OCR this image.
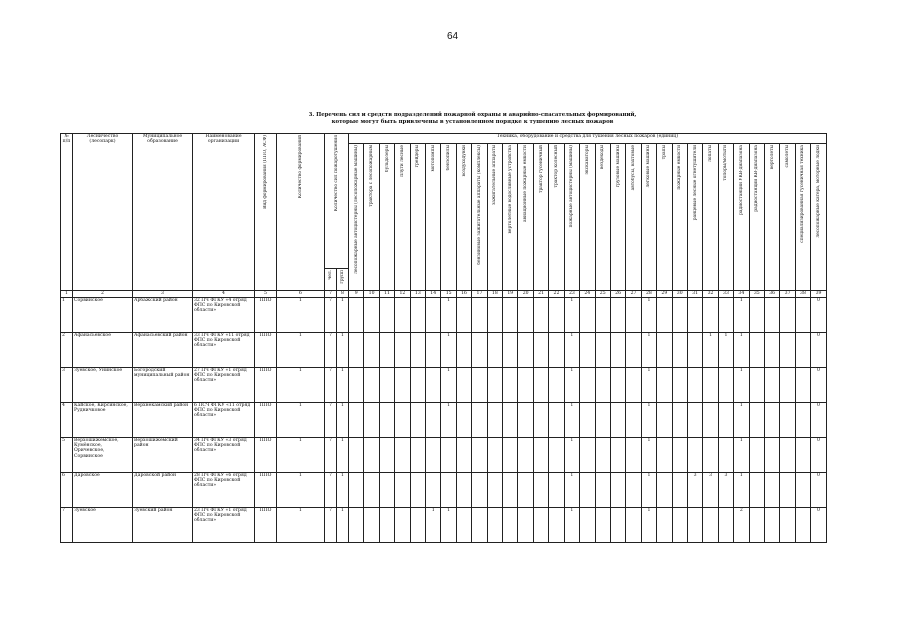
64
3. Перечень сил и средств подразделений пожарной охраны и аварийно-спасательных формирований,
которые могут быть привлечены в установленном порядке к тушению лесных пожаров
№ п/п	Лесничество (лесопарк)	Муниципальное образование	Наименование организации	Вид формирования (ППО, АСФ)	Количество формирований	Количество сил пожаротушения		Техника, оборудование и средства для тушения лесных пожаров (единиц)																														

								лесопожарные автоцистерны (лесопожарные машины)	трактора с лесопожарным	бульдозеры	плуги лесные	грейдеры	мотопомпы	бензопилы	воздуходувки	бензиновые зажигательные аппараты (комплексы)	зажигательные аппараты	вертолетные водосливные устройства	авиационные пожарные емкости	трактор гусеничный	трактор колесный	пожарные автоцистерны (машины)	экскаваторы	вездеходы	грузовые машины	автобусы, вахтовые	легковые машины	трапы	пожарные емкости	ранцевые лесные огнетушители	лопаты	топоры/мотыги	радиостанции УКВ-диапазона	радиостанции КВ-диапазона	вертолеты	самолеты	специализированная гусеничная техника	лесопожарные катера, моторные лодки

						чел.	групп																															

1	2	3	4	5	6	7	8	9	10	11	12	13	14	15	16	17	18	19	20	21	22	23	24	25	26	27	28	29	30	31	32	33	34	35	36	37	38	39
1	Сорвинское	Арбажский район	32 ПЧ ФГКУ «4 отряд ФПС по Кировской области»	ППО	1	7	1							1								1					1						1					0
2	Афанасьевское	Афанасьевский район	33 ПЧ ФГКУ «11 отряд ФПС по Кировской области»	ППО	1	7	1							1								1					1				1	1	1					0
3	Зуевское, Унинское	Богородский муниципальный район	27 ПЧ ФГКУ «1 отряд ФПС по Кировской области»	ППО	1	7	1							1								1					1						1					0
4	Кайское, Кирсинское, Рудничковое	Верхнекамский район	6 ПСЧ ФГКУ «11 отряд ФПС по Кировской области»	ППО	1	7	1							1								1					1						1					0
5	Верхошижемское, Кумёнское, Оричевское, Сорвинское	Верхошижемский район	34 ПЧ ФГКУ «3 отряд ФПС по Кировской области»	ППО	1	7	1															1					1						1					0
6	Даровское	Даровской район	28 ПЧ ФГКУ «6 отряд ФПС по Кировской области»	ППО	1	7	1															1					1			3	3	3	1					0
7	Зуевское	Зуевский район	23 ПЧ ФГКУ «1 отряд ФПС по Кировской области»	ППО	1	7	1						1	1								1					1						2					0
